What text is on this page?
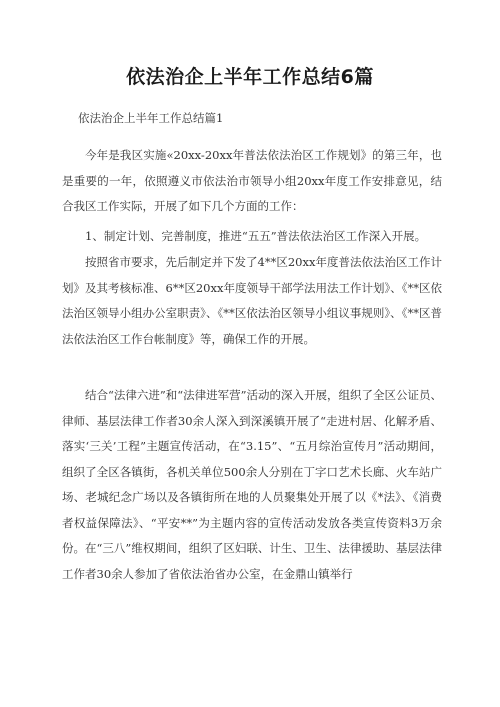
依法治企上半年工作总结6篇
依法治企上半年工作总结篇1

今年是我区实施«20xx-20xx年普法依法治区工作规划》的第三年，也是重要的一年，依照遵义市依法治市领导小组20xx年度工作安排意见，结合我区工作实际，开展了如下几个方面的工作：

1、制定计划、完善制度，推进“五五”普法依法治区工作深入开展。

按照省市要求，先后制定并下发了4**区20xx年度普法依法治区工作计划》及其考核标准、6**区20xx年度领导干部学法用法工作计划》、《**区依法治区领导小组办公室职责》、《**区依法治区领导小组议事规则》、《**区普法依法治区工作台帐制度》等，确保工作的开展。

结合“法律六进”和“法律进军营”活动的深入开展，组织了全区公证员、律师、基层法律工作者30余人深入到深溪镇开展了“走进村居、化解矛盾、落实‘三关’工程”主题宣传活动，在“3.15”、“五月综治宣传月”活动期间，组织了全区各镇街，各机关单位500余人分别在丁字口艺术长廊、火车站广场、老城纪念广场以及各镇街所在地的人员聚集处开展了以《*法》、《消费者权益保障法》、“平安**”为主题内容的宣传活动发放各类宣传资料3万余份。在“三八”维权期间，组织了区妇联、计生、卫生、法律援助、基层法律工作者30余人参加了省依法治省办公室，在金鼎山镇举行
